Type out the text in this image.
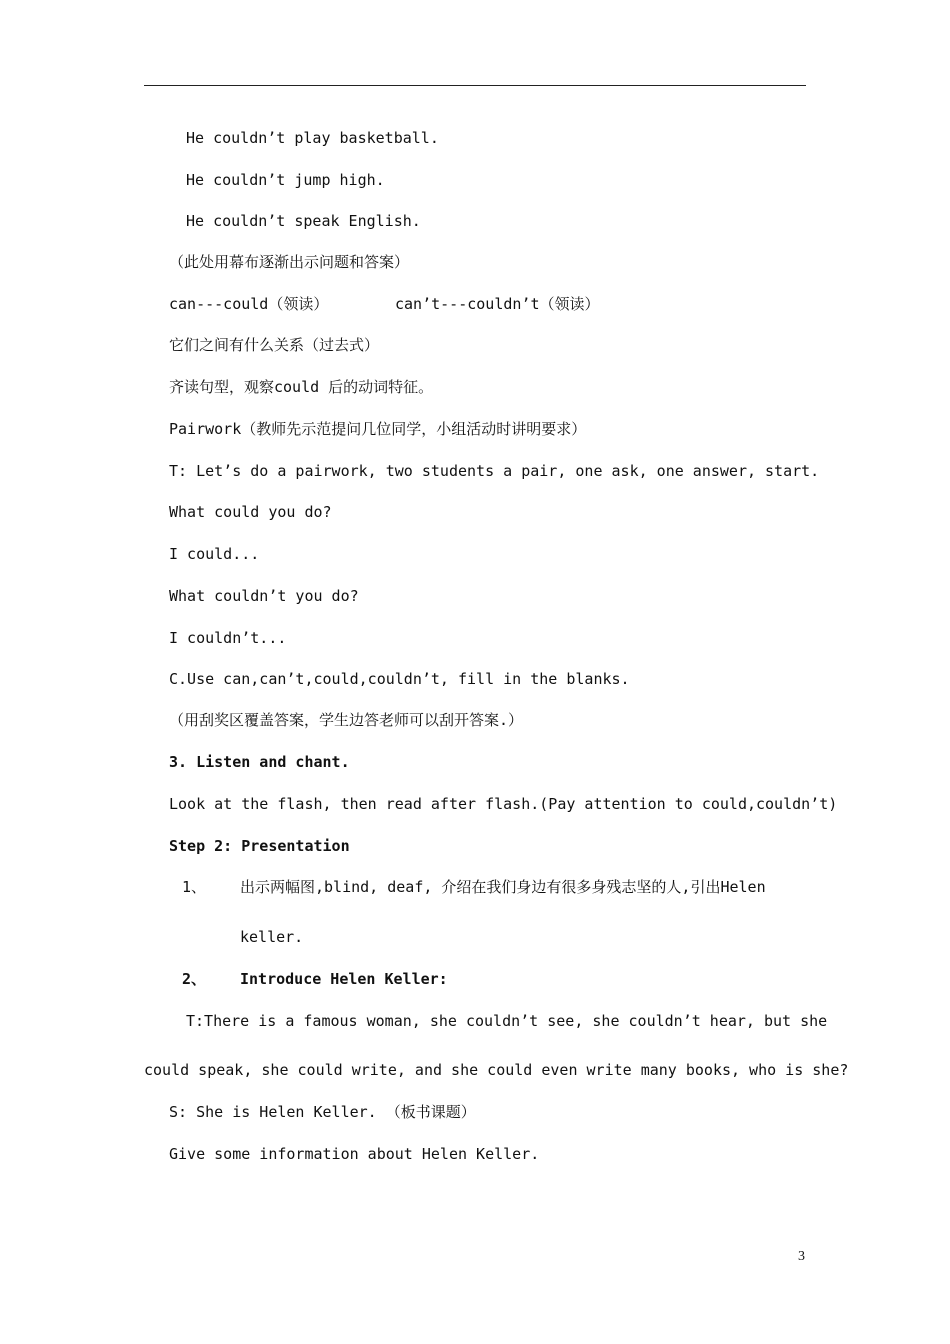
He couldn’t play basketball.
He couldn’t jump high.
He couldn’t speak English.
（此处用幕布逐渐出示问题和答案）
can---could（领读）	can’t---couldn’t（领读）
它们之间有什么关系（过去式）
齐读句型，观察could 后的动词特征。
Pairwork（教师先示范提问几位同学，小组活动时讲明要求）
T: Let’s do a pairwork, two students a pair, one ask, one answer, start.
What could you do?
I could...
What couldn’t you do?
I couldn’t...
C.Use can,can’t,could,couldn’t, fill in the blanks.
（用刮奖区覆盖答案，学生边答老师可以刮开答案.）
3. Listen and chant.
Look at the flash, then read after flash.(Pay attention to could,couldn’t)
Step 2: Presentation
1、 出示两幅图,blind, deaf, 介绍在我们身边有很多身残志坚的人,引出Helen
keller.
2、 Introduce Helen Keller:
T:There is a famous woman, she couldn’t see, she couldn’t hear, but she
could speak, she could write, and she could even write many books, who is she?
S: She is Helen Keller. （板书课题）
Give some information about Helen Keller.
3
